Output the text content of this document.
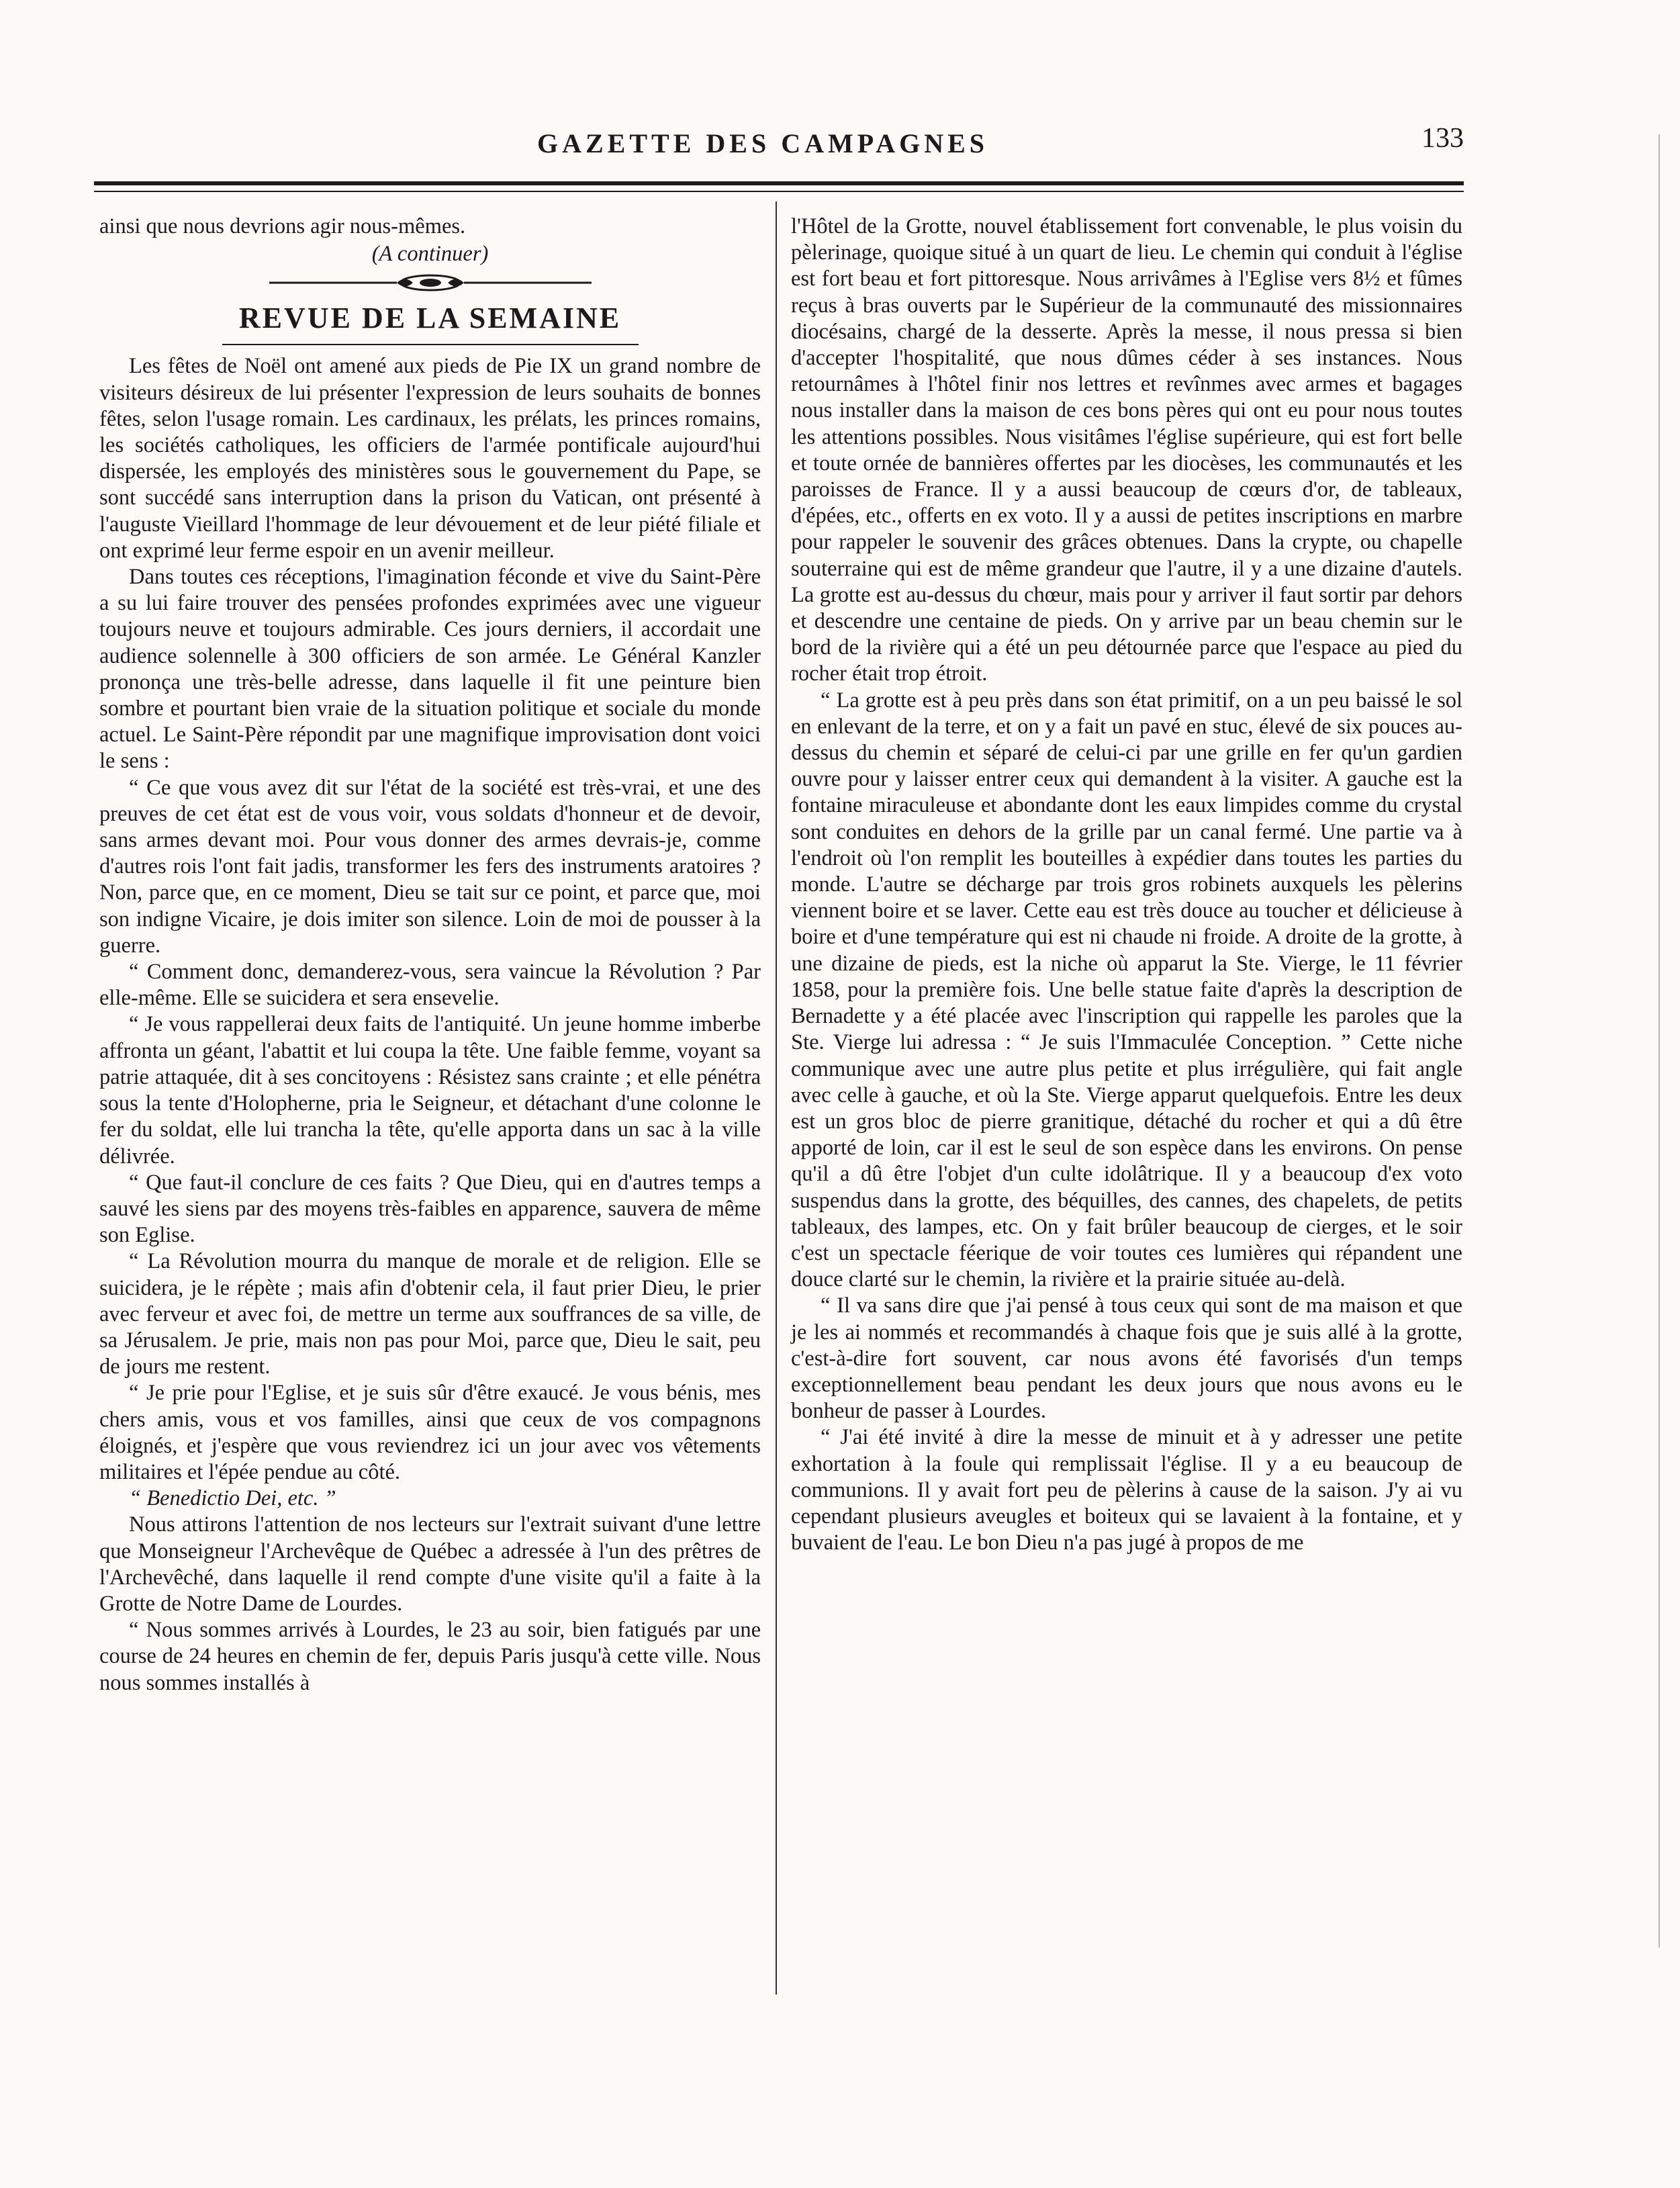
GAZETTE DES CAMPAGNES	133

ainsi que nous devrions agir nous-mêmes.

(A continuer)
REVUE DE LA SEMAINE

Les fêtes de Noël ont amené aux pieds de Pie IX un grand nombre de visiteurs désireux de lui présenter l'expression de leurs souhaits de bonnes fêtes, selon l'usage romain. Les cardinaux, les prélats, les princes romains, les sociétés catholiques, les officiers de l'armée pontificale aujourd'hui dispersée, les employés des ministères sous le gouvernement du Pape, se sont succédé sans interruption dans la prison du Vatican, ont présenté à l'auguste Vieillard l'hommage de leur dévouement et de leur piété filiale et ont exprimé leur ferme espoir en un avenir meilleur.

Dans toutes ces réceptions, l'imagination féconde et vive du Saint-Père a su lui faire trouver des pensées profondes exprimées avec une vigueur toujours neuve et toujours admirable. Ces jours derniers, il accordait une audience solennelle à 300 officiers de son armée. Le Général Kanzler prononça une très-belle adresse, dans laquelle il fit une peinture bien sombre et pourtant bien vraie de la situation politique et sociale du monde actuel. Le Saint-Père répondit par une magnifique improvisation dont voici le sens :

“ Ce que vous avez dit sur l'état de la société est très-vrai, et une des preuves de cet état est de vous voir, vous soldats d'honneur et de devoir, sans armes devant moi. Pour vous donner des armes devrais-je, comme d'autres rois l'ont fait jadis, transformer les fers des instruments aratoires ? Non, parce que, en ce moment, Dieu se tait sur ce point, et parce que, moi son indigne Vicaire, je dois imiter son silence. Loin de moi de pousser à la guerre.

“ Comment donc, demanderez-vous, sera vaincue la Révolution ? Par elle-même. Elle se suicidera et sera ensevelie.

“ Je vous rappellerai deux faits de l'antiquité. Un jeune homme imberbe affronta un géant, l'abattit et lui coupa la tête. Une faible femme, voyant sa patrie attaquée, dit à ses concitoyens : Résistez sans crainte ; et elle pénétra sous la tente d'Holopherne, pria le Seigneur, et détachant d'une colonne le fer du soldat, elle lui trancha la tête, qu'elle apporta dans un sac à la ville délivrée.

“ Que faut-il conclure de ces faits ? Que Dieu, qui en d'autres temps a sauvé les siens par des moyens très-faibles en apparence, sauvera de même son Eglise.

“ La Révolution mourra du manque de morale et de religion. Elle se suicidera, je le répète ; mais afin d'obtenir cela, il faut prier Dieu, le prier avec ferveur et avec foi, de mettre un terme aux souffrances de sa ville, de sa Jérusalem. Je prie, mais non pas pour Moi, parce que, Dieu le sait, peu de jours me restent.

“ Je prie pour l'Eglise, et je suis sûr d'être exaucé. Je vous bénis, mes chers amis, vous et vos familles, ainsi que ceux de vos compagnons éloignés, et j'espère que vous reviendrez ici un jour avec vos vêtements militaires et l'épée pendue au côté.

“ Benedictio Dei, etc. ”

Nous attirons l'attention de nos lecteurs sur l'extrait suivant d'une lettre que Monseigneur l'Archevêque de Québec a adressée à l'un des prêtres de l'Archevêché, dans laquelle il rend compte d'une visite qu'il a faite à la Grotte de Notre Dame de Lourdes.

“ Nous sommes arrivés à Lourdes, le 23 au soir, bien fatigués par une course de 24 heures en chemin de fer, depuis Paris jusqu'à cette ville. Nous nous sommes installés à

l'Hôtel de la Grotte, nouvel établissement fort convenable, le plus voisin du pèlerinage, quoique situé à un quart de lieu. Le chemin qui conduit à l'église est fort beau et fort pittoresque. Nous arrivâmes à l'Eglise vers 8½ et fûmes reçus à bras ouverts par le Supérieur de la communauté des missionnaires diocésains, chargé de la desserte. Après la messe, il nous pressa si bien d'accepter l'hospitalité, que nous dûmes céder à ses instances. Nous retournâmes à l'hôtel finir nos lettres et revînmes avec armes et bagages nous installer dans la maison de ces bons pères qui ont eu pour nous toutes les attentions possibles. Nous visitâmes l'église supérieure, qui est fort belle et toute ornée de bannières offertes par les diocèses, les communautés et les paroisses de France. Il y a aussi beaucoup de cœurs d'or, de tableaux, d'épées, etc., offerts en ex voto. Il y a aussi de petites inscriptions en marbre pour rappeler le souvenir des grâces obtenues. Dans la crypte, ou chapelle souterraine qui est de même grandeur que l'autre, il y a une dizaine d'autels. La grotte est au-dessus du chœur, mais pour y arriver il faut sortir par dehors et descendre une centaine de pieds. On y arrive par un beau chemin sur le bord de la rivière qui a été un peu détournée parce que l'espace au pied du rocher était trop étroit.

“ La grotte est à peu près dans son état primitif, on a un peu baissé le sol en enlevant de la terre, et on y a fait un pavé en stuc, élevé de six pouces au-dessus du chemin et séparé de celui-ci par une grille en fer qu'un gardien ouvre pour y laisser entrer ceux qui demandent à la visiter. A gauche est la fontaine miraculeuse et abondante dont les eaux limpides comme du crystal sont conduites en dehors de la grille par un canal fermé. Une partie va à l'endroit où l'on remplit les bouteilles à expédier dans toutes les parties du monde. L'autre se décharge par trois gros robinets auxquels les pèlerins viennent boire et se laver. Cette eau est très douce au toucher et délicieuse à boire et d'une température qui est ni chaude ni froide. A droite de la grotte, à une dizaine de pieds, est la niche où apparut la Ste. Vierge, le 11 février 1858, pour la première fois. Une belle statue faite d'après la description de Bernadette y a été placée avec l'inscription qui rappelle les paroles que la Ste. Vierge lui adressa : “ Je suis l'Immaculée Conception. ” Cette niche communique avec une autre plus petite et plus irrégulière, qui fait angle avec celle à gauche, et où la Ste. Vierge apparut quelquefois. Entre les deux est un gros bloc de pierre granitique, détaché du rocher et qui a dû être apporté de loin, car il est le seul de son espèce dans les environs. On pense qu'il a dû être l'objet d'un culte idolâtrique. Il y a beaucoup d'ex voto suspendus dans la grotte, des béquilles, des cannes, des chapelets, de petits tableaux, des lampes, etc. On y fait brûler beaucoup de cierges, et le soir c'est un spectacle féerique de voir toutes ces lumières qui répandent une douce clarté sur le chemin, la rivière et la prairie située au-delà.

“ Il va sans dire que j'ai pensé à tous ceux qui sont de ma maison et que je les ai nommés et recommandés à chaque fois que je suis allé à la grotte, c'est-à-dire fort souvent, car nous avons été favorisés d'un temps exceptionnellement beau pendant les deux jours que nous avons eu le bonheur de passer à Lourdes.

“ J'ai été invité à dire la messe de minuit et à y adresser une petite exhortation à la foule qui remplissait l'église. Il y a eu beaucoup de communions. Il y avait fort peu de pèlerins à cause de la saison. J'y ai vu cependant plusieurs aveugles et boiteux qui se lavaient à la fontaine, et y buvaient de l'eau. Le bon Dieu n'a pas jugé à propos de me
